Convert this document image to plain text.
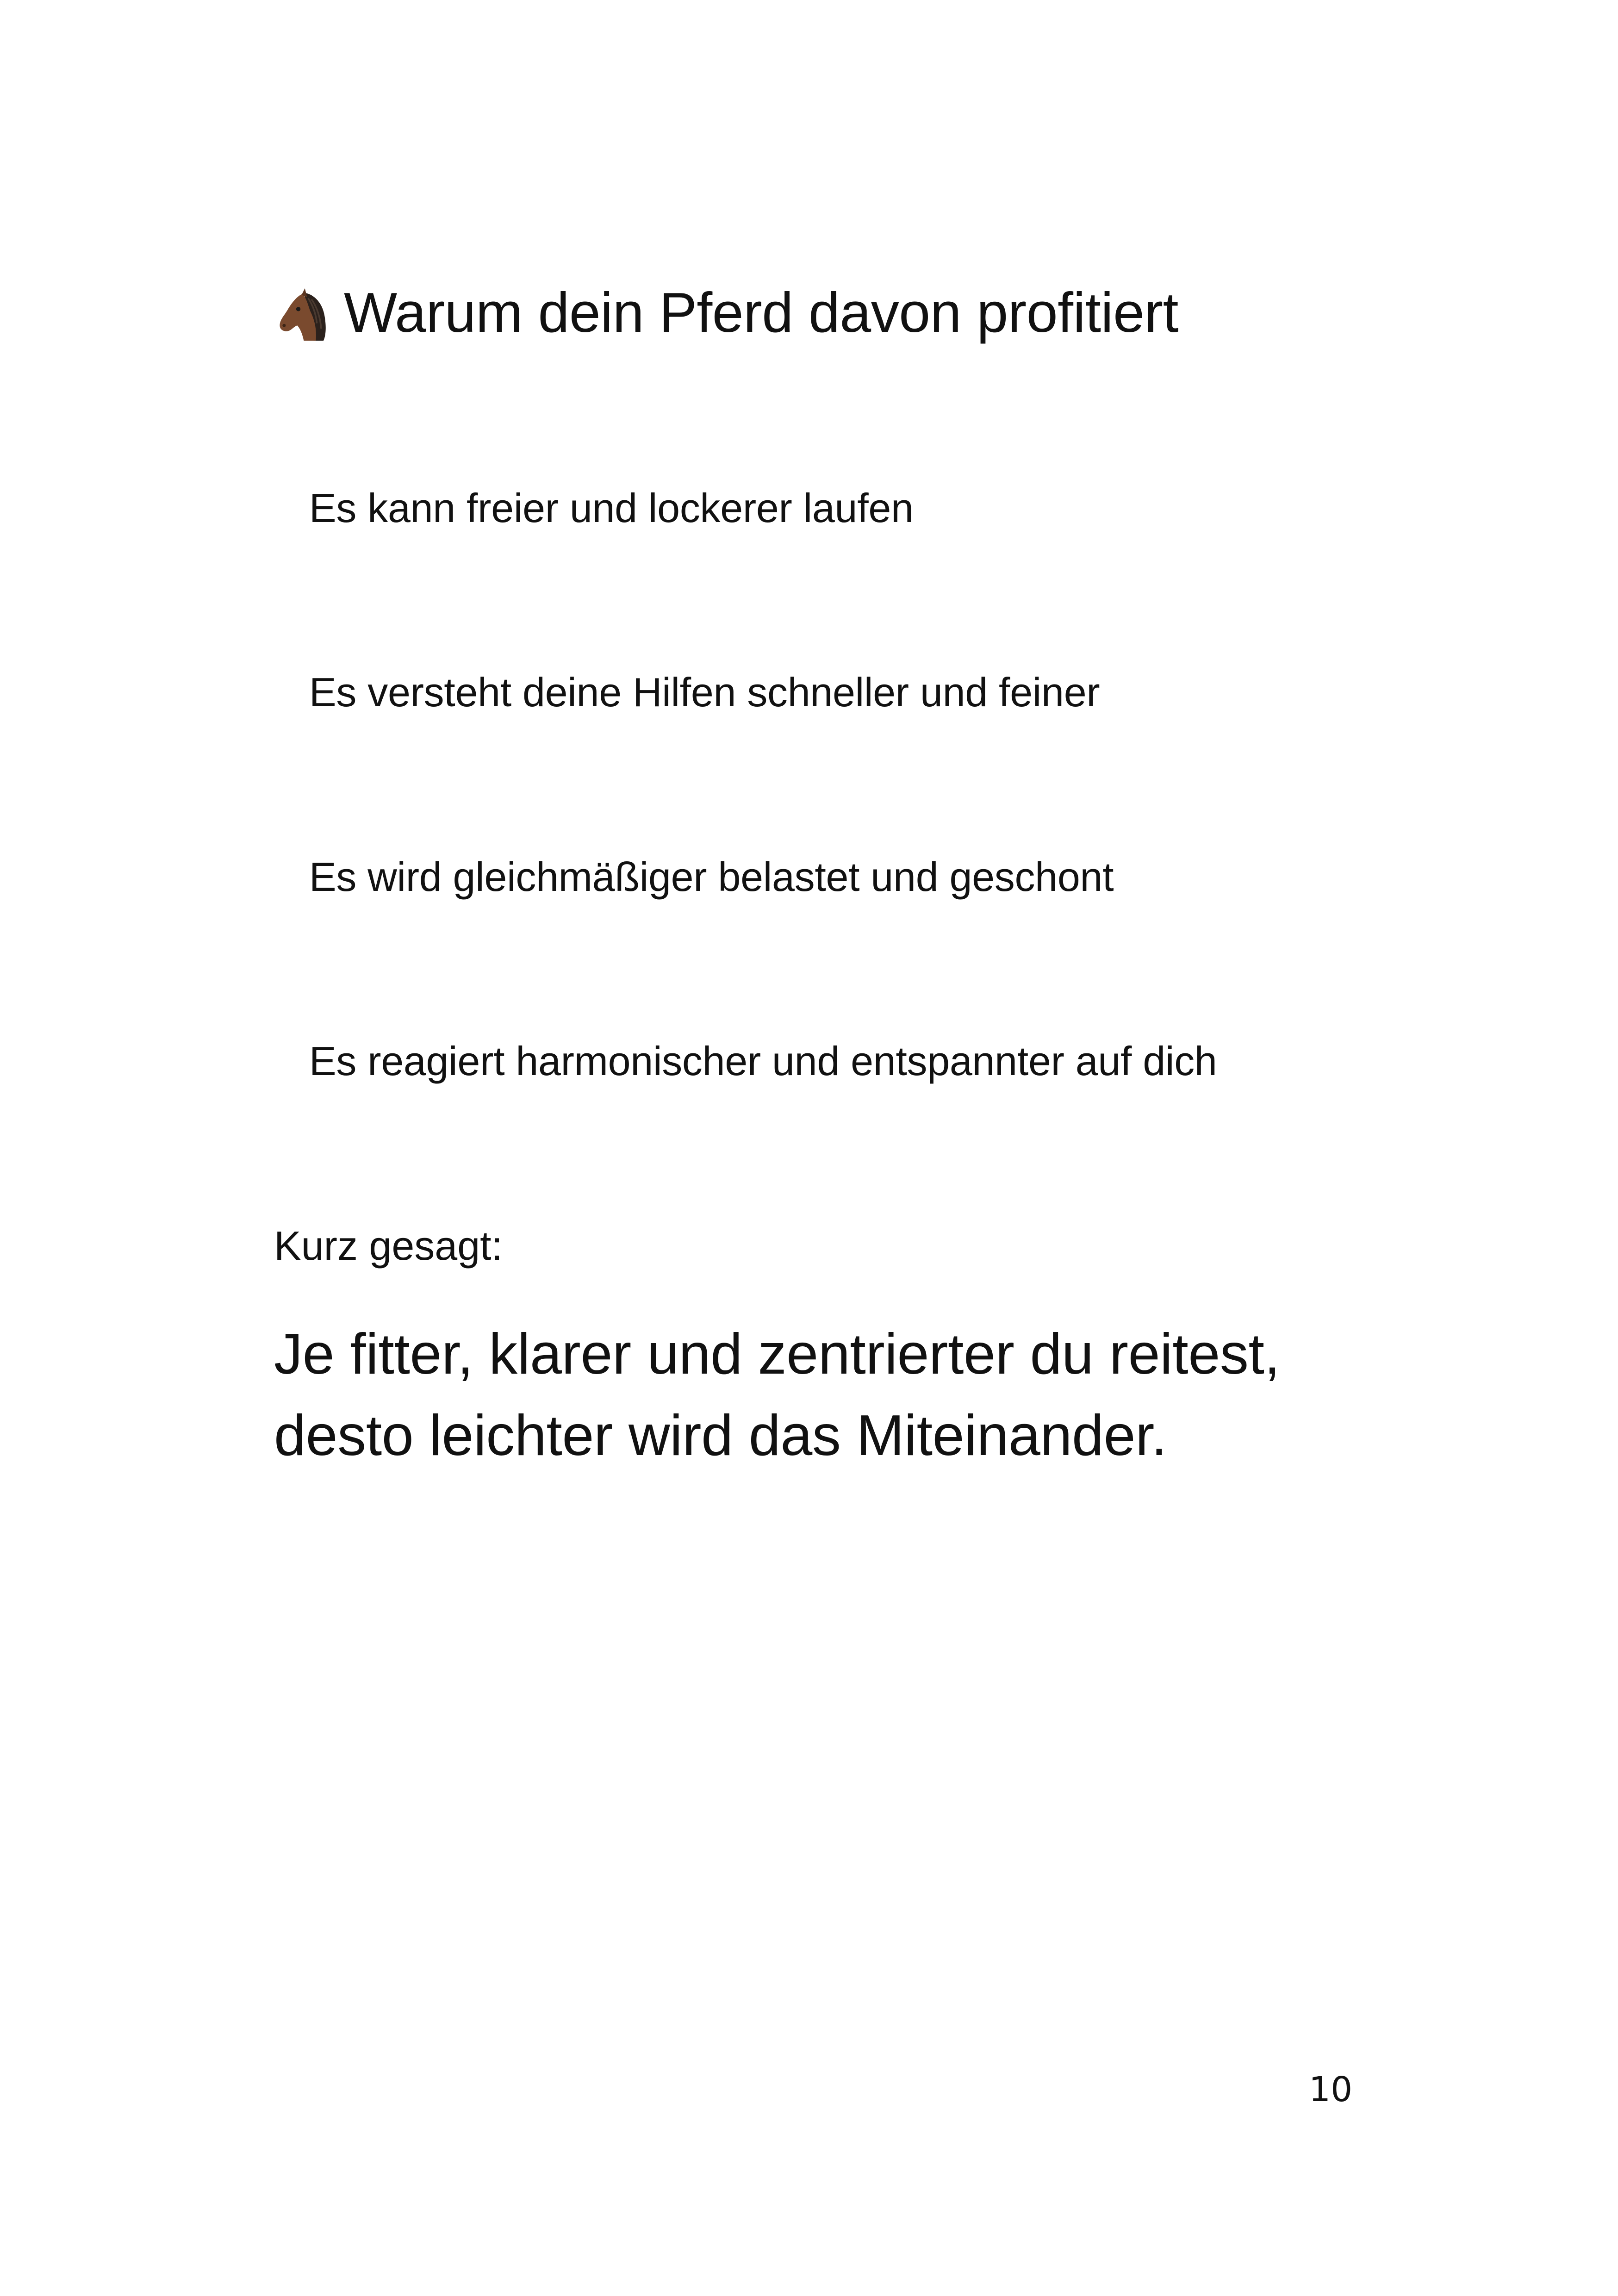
Warum dein Pferd davon profitiert
Es kann freier und lockerer laufen
Es versteht deine Hilfen schneller und feiner
Es wird gleichmäßiger belastet und geschont
Es reagiert harmonischer und entspannter auf dich
Kurz gesagt:
Je fitter, klarer und zentrierter du reitest,
desto leichter wird das Miteinander.
10
